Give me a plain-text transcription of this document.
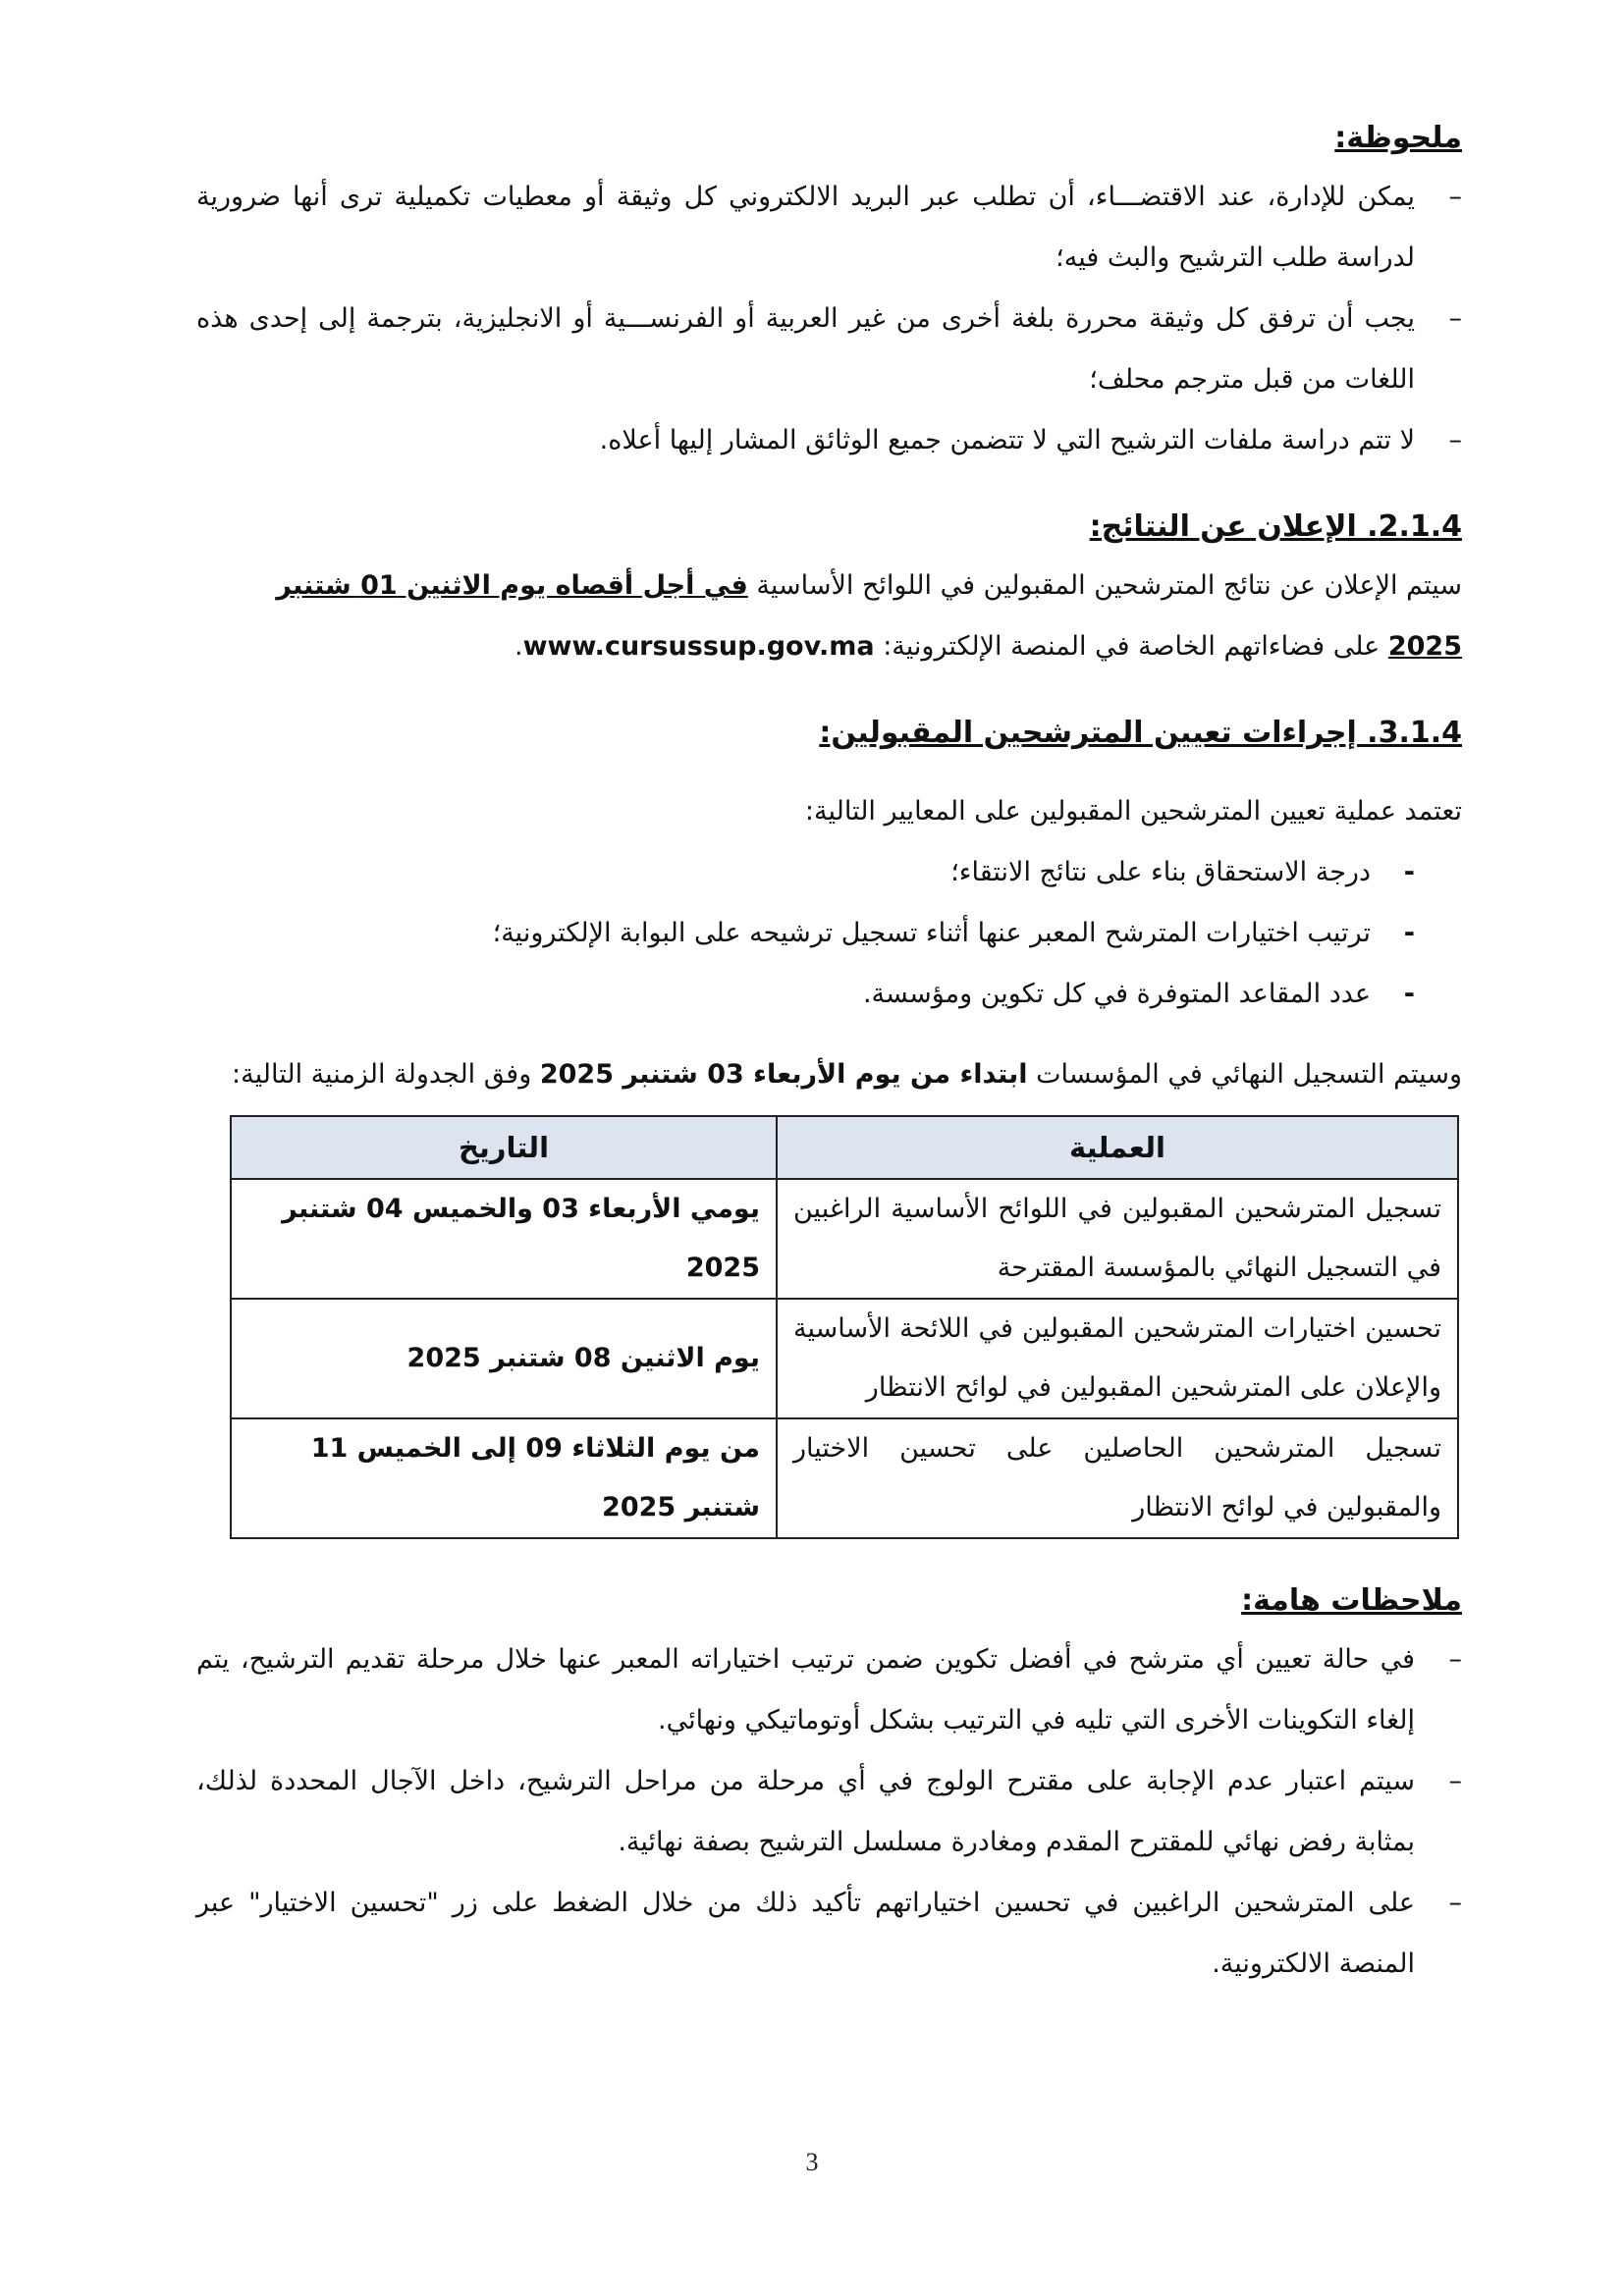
ملحوظة:
–
يمكن للإدارة، عند الاقتضـــاء، أن تطلب عبر البريد الالكتروني كل وثيقة أو معطيات تكميلية ترى أنها ضرورية لدراسة طلب الترشيح والبث فيه؛
–
يجب أن ترفق كل وثيقة محررة بلغة أخرى من غير العربية أو الفرنســـية أو الانجليزية، بترجمة إلى إحدى هذه اللغات من قبل مترجم محلف؛
–
لا تتم دراسة ملفات الترشيح التي لا تتضمن جميع الوثائق المشار إليها أعلاه.
2.1.4. الإعلان عن النتائج:

سيتم الإعلان عن نتائج المترشحين المقبولين في اللوائح الأساسية في أجل أقصاه يوم الاثنين 01 شتنبر 2025 على فضاءاتهم الخاصة في المنصة الإلكترونية: www.cursussup.gov.ma.

3.1.4. إجراءات تعيين المترشحين المقبولين:

تعتمد عملية تعيين المترشحين المقبولين على المعايير التالية:

-
درجة الاستحقاق بناء على نتائج الانتقاء؛
-
ترتيب اختيارات المترشح المعبر عنها أثناء تسجيل ترشيحه على البوابة الإلكترونية؛
-
عدد المقاعد المتوفرة في كل تكوين ومؤسسة.

وسيتم التسجيل النهائي في المؤسسات ابتداء من يوم الأربعاء 03 شتنبر 2025 وفق الجدولة الزمنية التالية:

العملية	التاريخ
تسجيل المترشحين المقبولين في اللوائح الأساسية الراغبين في التسجيل النهائي بالمؤسسة المقترحة	يومي الأربعاء 03 والخميس 04 شتنبر 2025
تحسين اختيارات المترشحين المقبولين في اللائحة الأساسية والإعلان على المترشحين المقبولين في لوائح الانتظار	يوم الاثنين 08 شتنبر 2025
تسجيل المترشحين الحاصلين على تحسين الاختيار والمقبولين في لوائح الانتظار	من يوم الثلاثاء 09 إلى الخميس 11 شتنبر 2025
ملاحظات هامة:
–
في حالة تعيين أي مترشح في أفضل تكوين ضمن ترتيب اختياراته المعبر عنها خلال مرحلة تقديم الترشيح، يتم إلغاء التكوينات الأخرى التي تليه في الترتيب بشكل أوتوماتيكي ونهائي.
–
سيتم اعتبار عدم الإجابة على مقترح الولوج في أي مرحلة من مراحل الترشيح، داخل الآجال المحددة لذلك، بمثابة رفض نهائي للمقترح المقدم ومغادرة مسلسل الترشيح بصفة نهائية.
–
على المترشحين الراغبين في تحسين اختياراتهم تأكيد ذلك من خلال الضغط على زر "تحسين الاختيار" عبر المنصة الالكترونية.
3
